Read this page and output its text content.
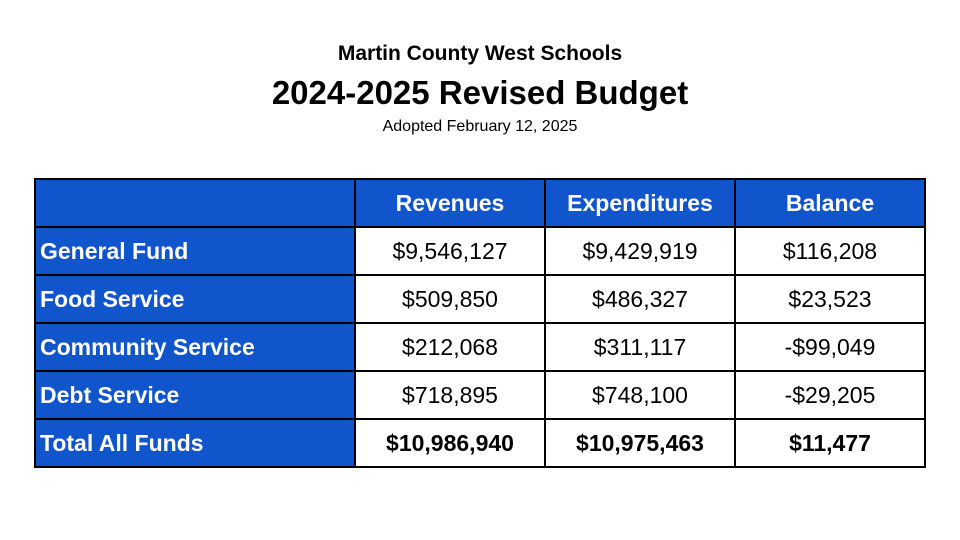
Martin County West Schools
2024-2025 Revised Budget
Adopted February 12, 2025
	Revenues	Expenditures	Balance
General Fund	$9,546,127	$9,429,919	$116,208
Food Service	$509,850	$486,327	$23,523
Community Service	$212,068	$311,117	-$99,049
Debt Service	$718,895	$748,100	-$29,205
Total All Funds	$10,986,940	$10,975,463	$11,477
